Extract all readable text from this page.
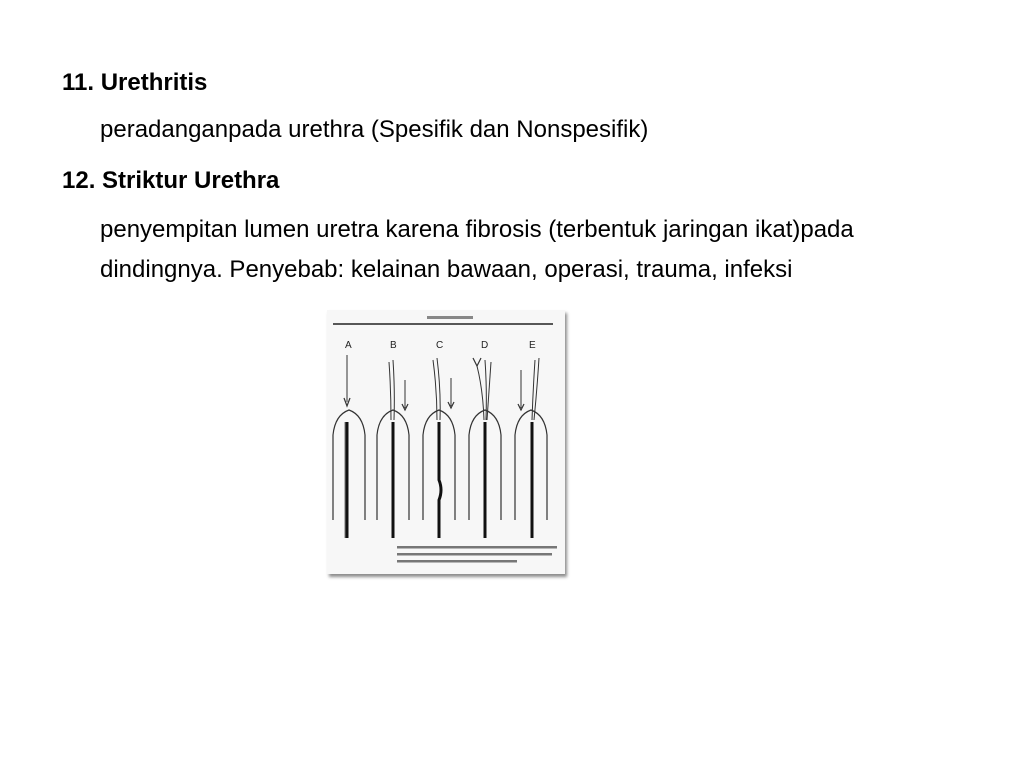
11. Urethritis
peradanganpada urethra (Spesifik dan Nonspesifik)
12. Striktur Urethra
penyempitan lumen uretra karena fibrosis (terbentuk jaringan ikat)pada dindingnya. Penyebab: kelainan bawaan, operasi, trauma, infeksi
A	B	C	D	E
